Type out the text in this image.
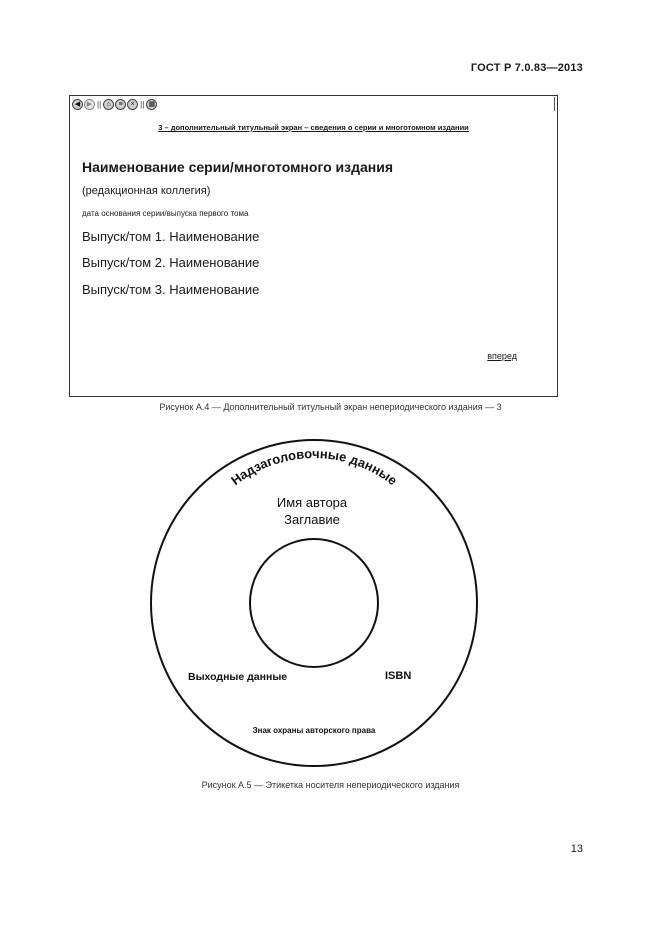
ГОСТ Р 7.0.83—2013
◀ ▶ || ⌂	≡	× || ▦
3 – дополнительный титульный экран – сведения о серии и многотомном издании
Наименование серии/многотомного издания
(редакционная коллегия)
дата основания серии/выпуска первого тома
Выпуск/том 1. Наименование
Выпуск/том 2. Наименование
Выпуск/том 3. Наименование
вперед
Рисунок А.4 — Дополнительный титульный экран непериодического издания — 3
Надзаголовочные данные
Имя автора
Заглавие
Выходные данные	ISBN
Знак охраны авторского права
Рисунок А.5 — Этикетка носителя непериодического издания
13
